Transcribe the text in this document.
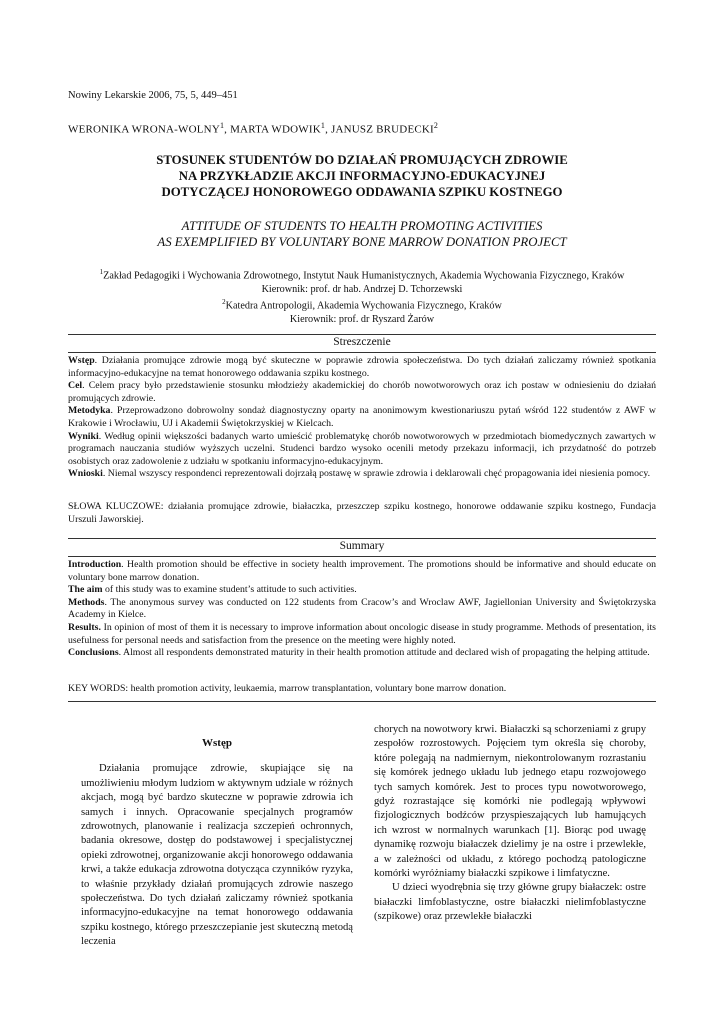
Nowiny Lekarskie 2006, 75, 5, 449–451
WERONIKA WRONA-WOLNY$^1$, MARTA WDOWIK$^1$, JANUSZ BRUDECKI$^2$
STOSUNEK STUDENTÓW DO DZIAŁAŃ PROMUJĄCYCH ZDROWIE
NA PRZYKŁADZIE AKCJI INFORMACYJNO-EDUKACYJNEJ
DOTYCZĄCEJ HONOROWEGO ODDAWANIA SZPIKU KOSTNEGO
ATTITUDE OF STUDENTS TO HEALTH PROMOTING ACTIVITIES
AS EXEMPLIFIED BY VOLUNTARY BONE MARROW DONATION PROJECT
$^1$Zakład Pedagogiki i Wychowania Zdrowotnego, Instytut Nauk Humanistycznych, Akademia Wychowania Fizycznego, Kraków
Kierownik: prof. dr hab. Andrzej D. Tchorzewski
$^2$Katedra Antropologii, Akademia Wychowania Fizycznego, Kraków
Kierownik: prof. dr Ryszard Żarów
Streszczenie

Wstęp. Działania promujące zdrowie mogą być skuteczne w poprawie zdrowia społeczeństwa. Do tych działań zaliczamy również spotkania informacyjno-edukacyjne na temat honorowego oddawania szpiku kostnego.

Cel. Celem pracy było przedstawienie stosunku młodzieży akademickiej do chorób nowotworowych oraz ich postaw w odniesieniu do działań promujących zdrowie.

Metodyka. Przeprowadzono dobrowolny sondaż diagnostyczny oparty na anonimowym kwestionariuszu pytań wśród 122 studentów z AWF w Krakowie i Wrocławiu, UJ i Akademii Świętokrzyskiej w Kielcach.

Wyniki. Według opinii większości badanych warto umieścić problematykę chorób nowotworowych w przedmiotach biomedycznych zawartych w programach nauczania studiów wyższych uczelni. Studenci bardzo wysoko ocenili metody przekazu informacji, ich przydatność do potrzeb osobistych oraz zadowolenie z udziału w spotkaniu informacyjno-edukacyjnym.

Wnioski. Niemal wszyscy respondenci reprezentowali dojrzałą postawę w sprawie zdrowia i deklarowali chęć propagowania idei niesienia pomocy.

SŁOWA KLUCZOWE: działania promujące zdrowie, białaczka, przeszczep szpiku kostnego, honorowe oddawanie szpiku kostnego, Fundacja Urszuli Jaworskiej.
Summary

Introduction. Health promotion should be effective in society health improvement. The promotions should be informative and should educate on voluntary bone marrow donation.

The aim of this study was to examine student’s attitude to such activities.

Methods. The anonymous survey was conducted on 122 students from Cracow’s and Wroclaw AWF, Jagiellonian University and Świętokrzyska Academy in Kielce.

Results. In opinion of most of them it is necessary to improve information about oncologic disease in study programme. Methods of presentation, its usefulness for personal needs and satisfaction from the presence on the meeting were highly noted.

Conclusions. Almost all respondents demonstrated maturity in their health promotion attitude and declared wish of propagating the helping attitude.

KEY WORDS: health promotion activity, leukaemia, marrow transplantation, voluntary bone marrow donation.
Wstęp

Działania promujące zdrowie, skupiające się na umożliwieniu młodym ludziom w aktywnym udziale w różnych akcjach, mogą być bardzo skuteczne w poprawie zdrowia ich samych i innych. Opracowanie specjalnych programów zdrowotnych, planowanie i realizacja szczepień ochronnych, badania okresowe, dostęp do podstawowej i specjalistycznej opieki zdrowotnej, organizowanie akcji honorowego oddawania krwi, a także edukacja zdrowotna dotycząca czynników ryzyka, to właśnie przykłady działań promujących zdrowie naszego społeczeństwa. Do tych działań zaliczamy również spotkania informacyjno-edukacyjne na temat honorowego oddawania szpiku kostnego, którego przeszczepianie jest skuteczną metodą leczenia

chorych na nowotwory krwi. Białaczki są schorzeniami z grupy zespołów rozrostowych. Pojęciem tym określa się choroby, które polegają na nadmiernym, niekontrolowanym rozrastaniu się komórek jednego układu lub jednego etapu rozwojowego tych samych komórek. Jest to proces typu nowotworowego, gdyż rozrastające się komórki nie podlegają wpływowi fizjologicznych bodźców przyspieszających lub hamujących ich wzrost w normalnych warunkach [1]. Biorąc pod uwagę dynamikę rozwoju białaczek dzielimy je na ostre i przewlekłe, a w zależności od układu, z którego pochodzą patologiczne komórki wyróżniamy białaczki szpikowe i limfatyczne.

U dzieci wyodrębnia się trzy główne grupy białaczek: ostre białaczki limfoblastyczne, ostre białaczki nielimfoblastyczne (szpikowe) oraz przewlekłe białaczki
